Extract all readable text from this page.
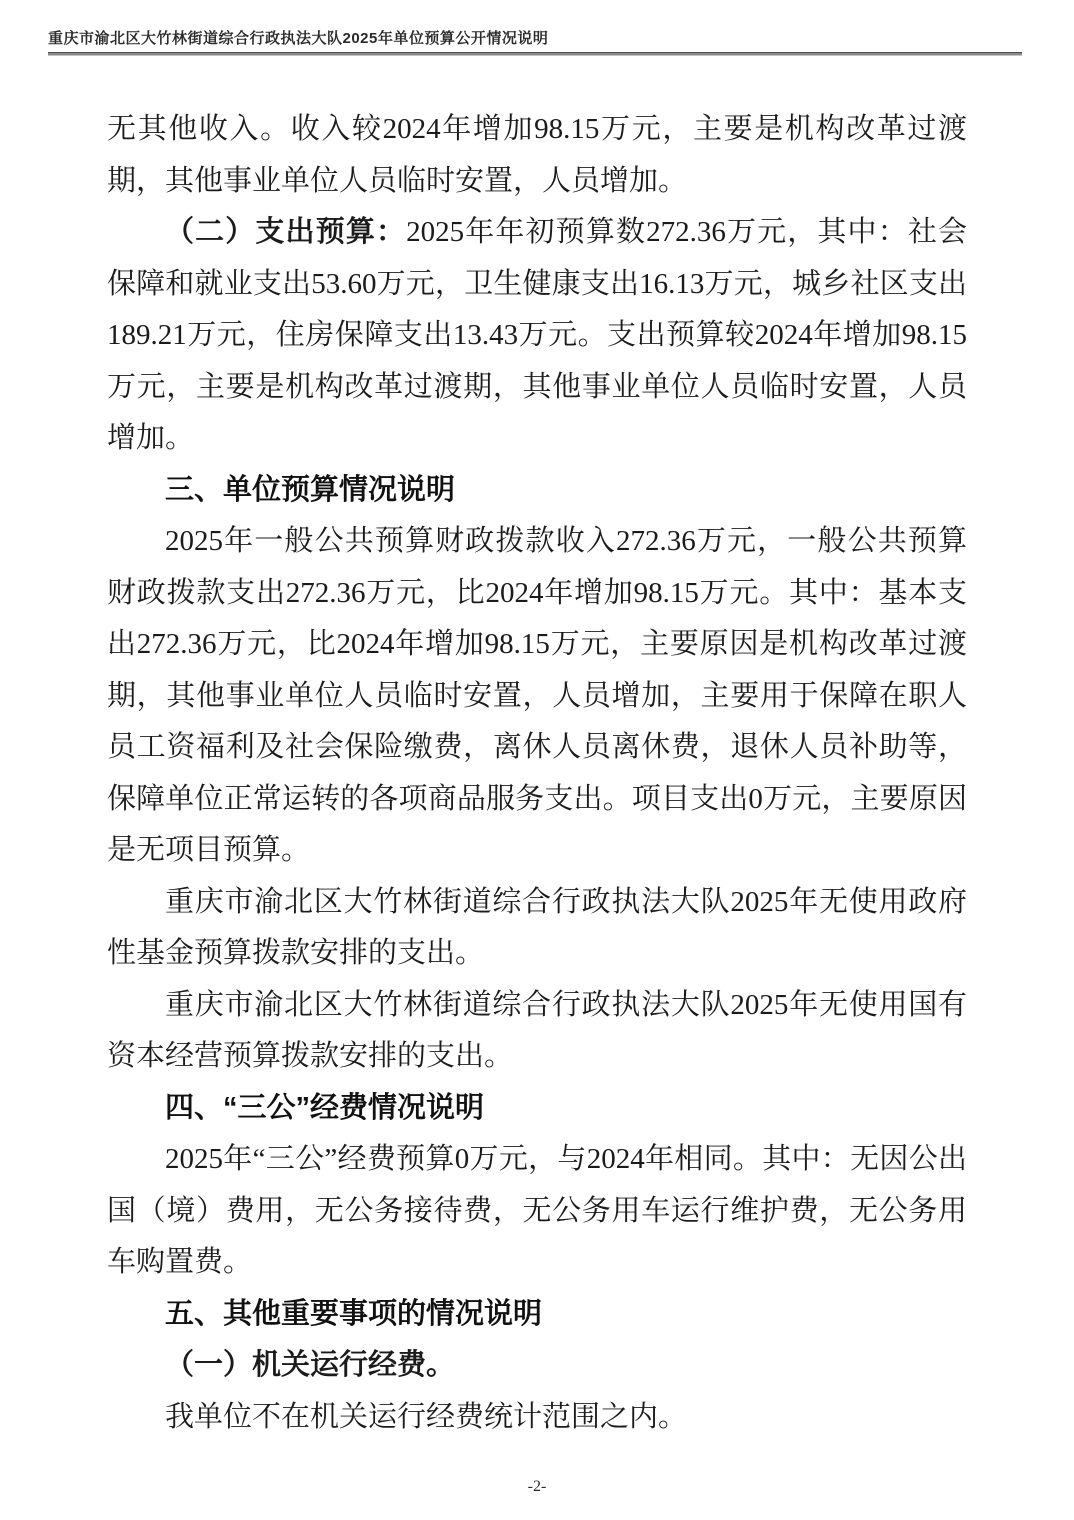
重庆市渝北区大竹林街道综合行政执法大队2025年单位预算公开情况说明

无其他收入。收入较2024年增加98.15万元，主要是机构改革过渡期，其他事业单位人员临时安置，人员增加。

（二）支出预算：2025年年初预算数272.36万元，其中：社会保障和就业支出53.60万元，卫生健康支出16.13万元，城乡社区支出189.21万元，住房保障支出13.43万元。支出预算较2024年增加98.15万元，主要是机构改革过渡期，其他事业单位人员临时安置，人员增加。

三、单位预算情况说明

2025年一般公共预算财政拨款收入272.36万元，一般公共预算财政拨款支出272.36万元，比2024年增加98.15万元。其中：基本支出272.36万元，比2024年增加98.15万元，主要原因是机构改革过渡期，其他事业单位人员临时安置，人员增加，主要用于保障在职人员工资福利及社会保险缴费，离休人员离休费，退休人员补助等，保障单位正常运转的各项商品服务支出。项目支出0万元，主要原因是无项目预算。

重庆市渝北区大竹林街道综合行政执法大队2025年无使用政府性基金预算拨款安排的支出。

重庆市渝北区大竹林街道综合行政执法大队2025年无使用国有资本经营预算拨款安排的支出。

四、“三公”经费情况说明

2025年“三公”经费预算0万元，与2024年相同。其中：无因公出国（境）费用，无公务接待费，无公务用车运行维护费，无公务用车购置费。

五、其他重要事项的情况说明

（一）机关运行经费。

我单位不在机关运行经费统计范围之内。

-2-
